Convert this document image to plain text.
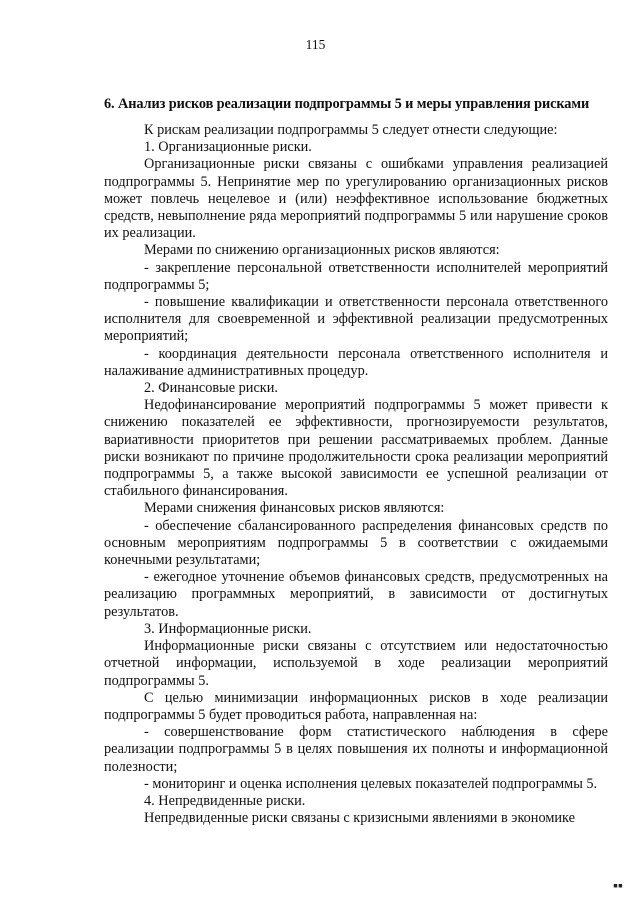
115
6. Анализ рисков реализации подпрограммы 5 и меры управления рисками

К рискам реализации подпрограммы 5 следует отнести следующие:

1. Организационные риски.

Организационные риски связаны с ошибками управления реализацией подпрограммы 5. Непринятие мер по урегулированию организационных рисков может повлечь нецелевое и (или) неэффективное использование бюджетных средств, невыполнение ряда мероприятий подпрограммы 5 или нарушение сроков их реализации.

Мерами по снижению организационных рисков являются:

- закрепление персональной ответственности исполнителей мероприятий подпрограммы 5;

- повышение квалификации и ответственности персонала ответственного исполнителя для своевременной и эффективной реализации предусмотренных мероприятий;

- координация деятельности персонала ответственного исполнителя и налаживание административных процедур.

2. Финансовые риски.

Недофинансирование мероприятий подпрограммы 5 может привести к снижению показателей ее эффективности, прогнозируемости результатов, вариативности приоритетов при решении рассматриваемых проблем. Данные риски возникают по причине продолжительности срока реализации мероприятий подпрограммы 5, а также высокой зависимости ее успешной реализации от стабильного финансирования.

Мерами снижения финансовых рисков являются:

- обеспечение сбалансированного распределения финансовых средств по основным мероприятиям подпрограммы 5 в соответствии с ожидаемыми конечными результатами;

- ежегодное уточнение объемов финансовых средств, предусмотренных на реализацию программных мероприятий, в зависимости от достигнутых результатов.

3. Информационные риски.

Информационные риски связаны с отсутствием или недостаточностью отчетной информации, используемой в ходе реализации мероприятий подпрограммы 5.

С целью минимизации информационных рисков в ходе реализации подпрограммы 5 будет проводиться работа, направленная на:

- совершенствование форм статистического наблюдения в сфере реализации подпрограммы 5 в целях повышения их полноты и информационной полезности;

- мониторинг и оценка исполнения целевых показателей подпрограммы 5.

4. Непредвиденные риски.

Непредвиденные риски связаны с кризисными явлениями в экономике

▪▪
